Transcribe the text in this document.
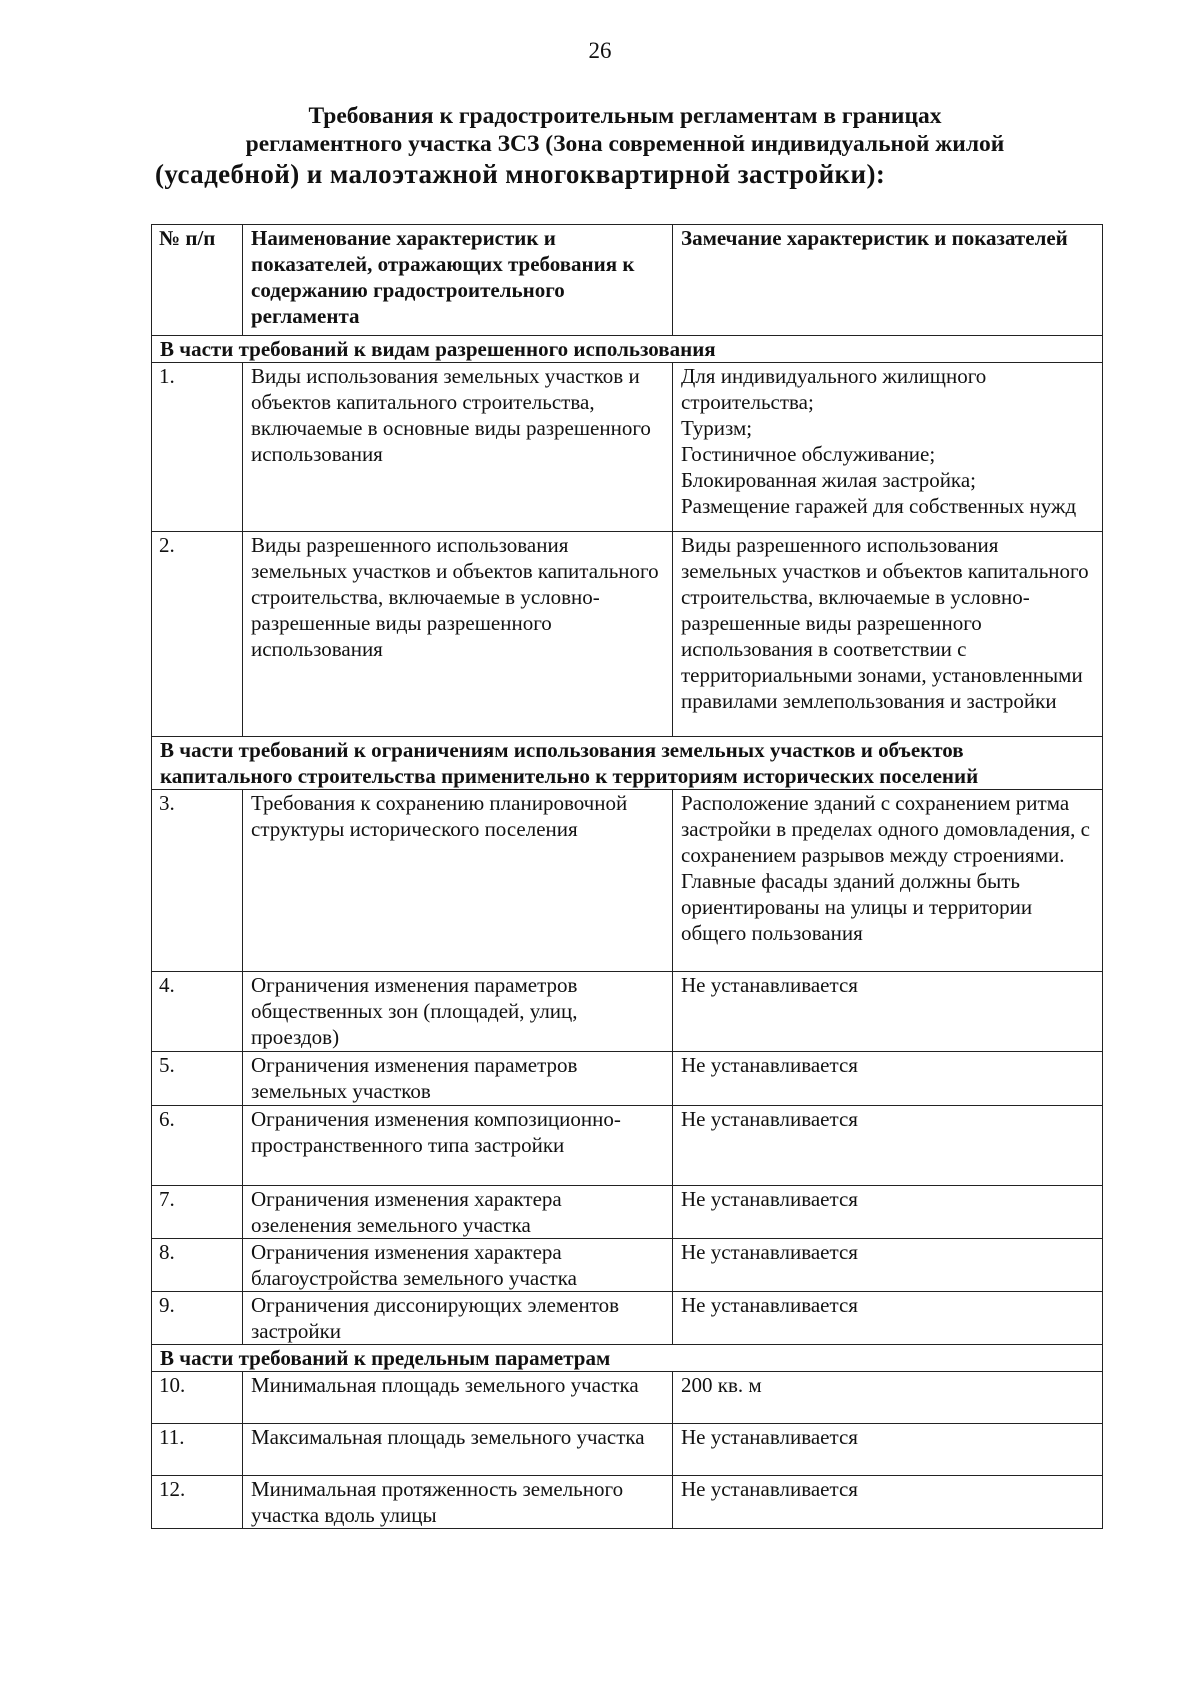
26
Требования к градостроительным регламентам в границах
регламентного участка ЗСЗ (Зона современной индивидуальной жилой
(усадебной) и малоэтажной многоквартирной застройки):
№ п/п	Наименование характеристик и показателей, отражающих требования к содержанию градостроительного регламента	Замечание характеристик и показателей
В части требований к видам разрешенного использования		
1.	Виды использования земельных участков и объектов капитального строительства, включаемые в основные виды разрешенного использования	Для индивидуального жилищного строительства;
Туризм;
Гостиничное обслуживание;
Блокированная жилая застройка;
Размещение гаражей для собственных нужд
2.	Виды разрешенного использования земельных участков и объектов капитального строительства, включаемые в условно-разрешенные виды разрешенного использования	Виды разрешенного использования земельных участков и объектов капитального строительства, включаемые в условно-разрешенные виды разрешенного использования в соответствии с территориальными зонами, установленными правилами землепользования и застройки
В части требований к ограничениям использования земельных участков и объектов капитального строительства применительно к территориям исторических поселений		
3.	Требования к сохранению планировочной структуры исторического поселения	Расположение зданий с сохранением ритма застройки в пределах одного домовладения, с сохранением разрывов между строениями. Главные фасады зданий должны быть ориентированы на улицы и территории общего пользования
4.	Ограничения изменения параметров общественных зон (площадей, улиц, проездов)	Не устанавливается
5.	Ограничения изменения параметров земельных участков	Не устанавливается
6.	Ограничения изменения композиционно-пространственного типа застройки	Не устанавливается
7.	Ограничения изменения характера озеленения земельного участка	Не устанавливается
8.	Ограничения изменения характера благоустройства земельного участка	Не устанавливается
9.	Ограничения диссонирующих элементов застройки	Не устанавливается
В части требований к предельным параметрам		
10.	Минимальная площадь земельного участка	200 кв. м
11.	Максимальная площадь земельного участка	Не устанавливается
12.	Минимальная протяженность земельного участка вдоль улицы	Не устанавливается
